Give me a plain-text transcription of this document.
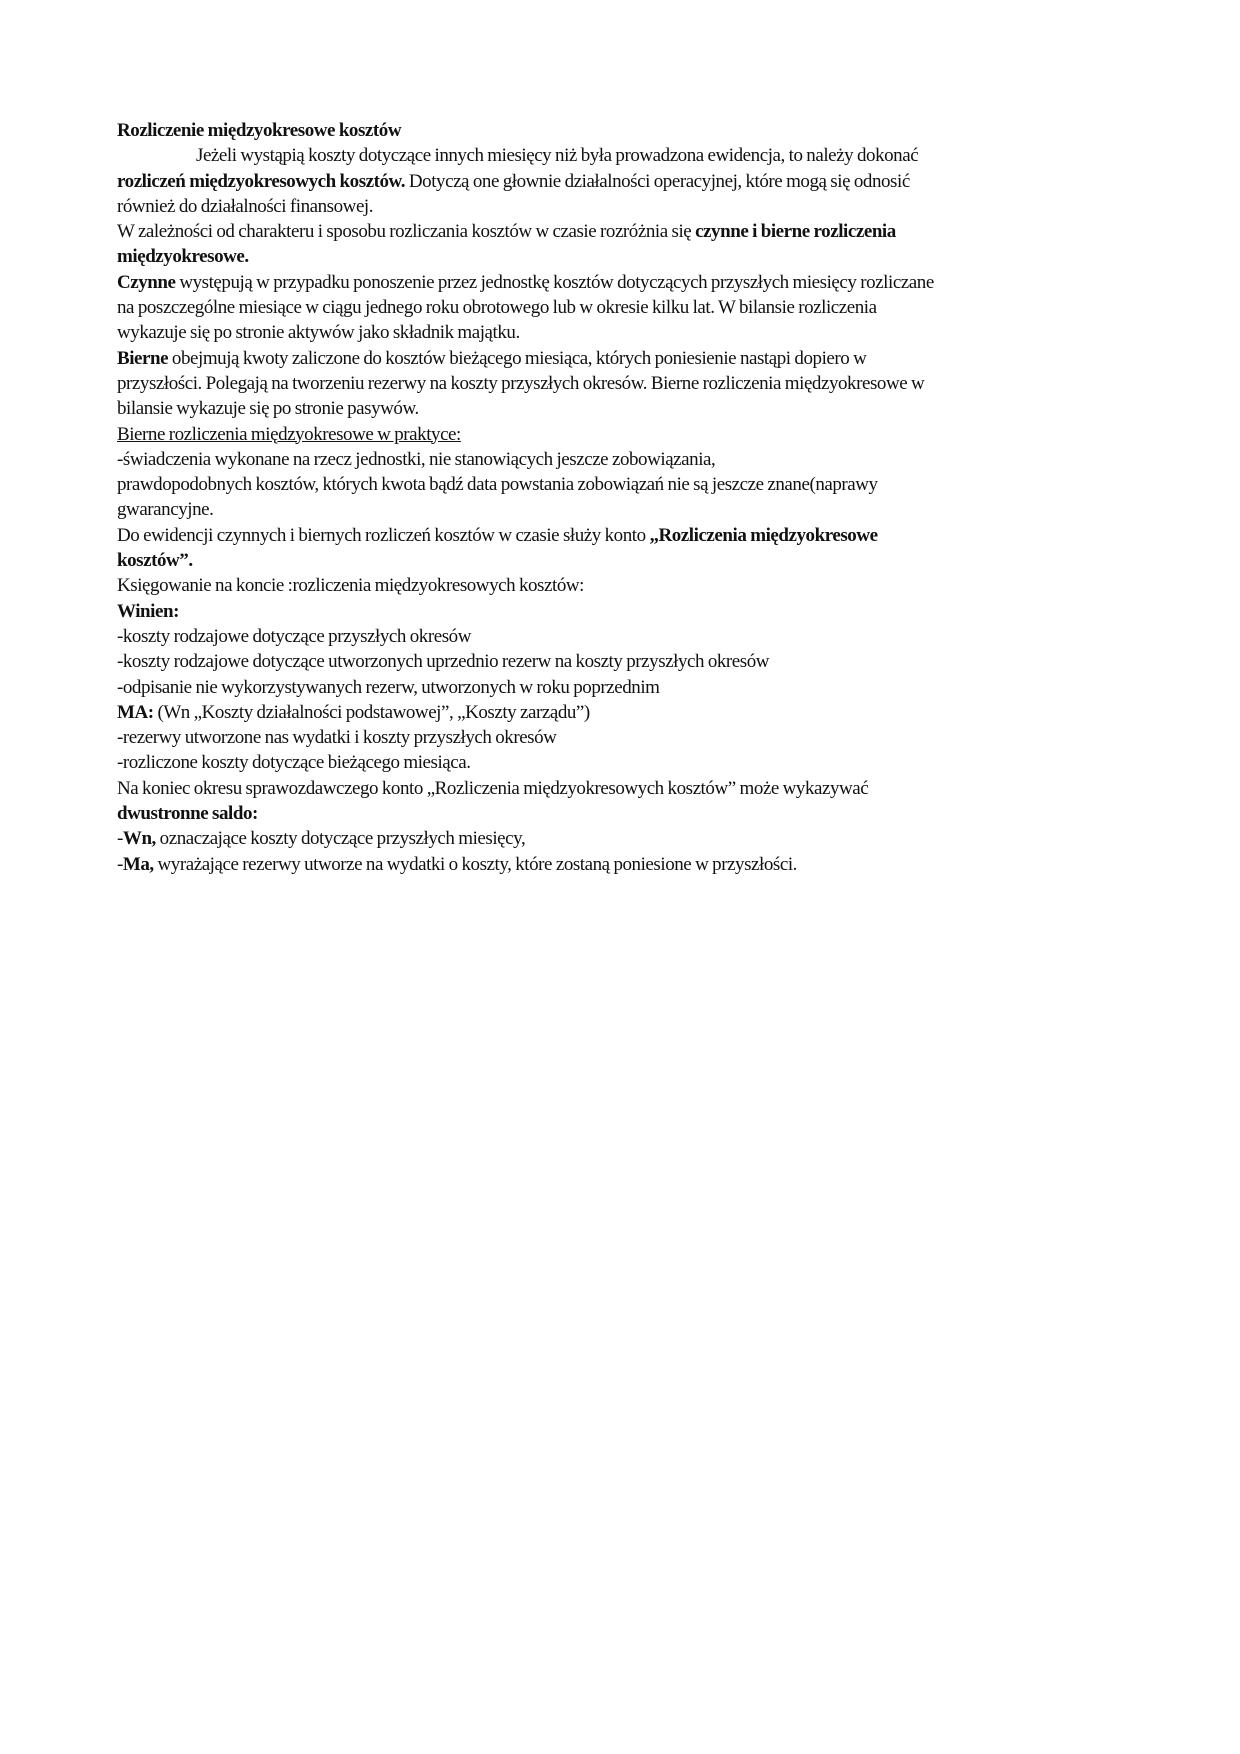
Rozliczenie międzyokresowe kosztów
Jeżeli wystąpią koszty dotyczące innych miesięcy niż była prowadzona ewidencja, to należy dokonać
rozliczeń międzyokresowych kosztów. Dotyczą one głownie działalności operacyjnej, które mogą się odnosić
również do działalności finansowej.
W zależności od charakteru i sposobu rozliczania kosztów w czasie rozróżnia się czynne i bierne rozliczenia
międzyokresowe.
Czynne występują w przypadku ponoszenie przez jednostkę kosztów dotyczących przyszłych miesięcy rozliczane
na poszczególne miesiące w ciągu jednego roku obrotowego lub w okresie kilku lat. W bilansie rozliczenia
wykazuje się po stronie aktywów jako składnik majątku.
Bierne obejmują kwoty zaliczone do kosztów bieżącego miesiąca, których poniesienie nastąpi dopiero w
przyszłości. Polegają na tworzeniu rezerwy na koszty przyszłych okresów. Bierne rozliczenia międzyokresowe w
bilansie wykazuje się po stronie pasywów.
Bierne rozliczenia międzyokresowe w praktyce:
-świadczenia wykonane na rzecz jednostki, nie stanowiących jeszcze zobowiązania,
prawdopodobnych kosztów, których kwota bądź data powstania zobowiązań nie są jeszcze znane(naprawy
gwarancyjne.
Do ewidencji czynnych i biernych rozliczeń kosztów w czasie służy konto „Rozliczenia międzyokresowe
kosztów”.
Księgowanie na koncie :rozliczenia międzyokresowych kosztów:
Winien:
-koszty rodzajowe dotyczące przyszłych okresów
-koszty rodzajowe dotyczące utworzonych uprzednio rezerw na koszty przyszłych okresów
-odpisanie nie wykorzystywanych rezerw, utworzonych w roku poprzednim
MA: (Wn „Koszty działalności podstawowej”, „Koszty zarządu”)
-rezerwy utworzone nas wydatki i koszty przyszłych okresów
-rozliczone koszty dotyczące bieżącego miesiąca.
Na koniec okresu sprawozdawczego konto „Rozliczenia międzyokresowych kosztów” może wykazywać
dwustronne saldo:
-Wn, oznaczające koszty dotyczące przyszłych miesięcy,
-Ma, wyrażające rezerwy utworze na wydatki o koszty, które zostaną poniesione w przyszłości.
